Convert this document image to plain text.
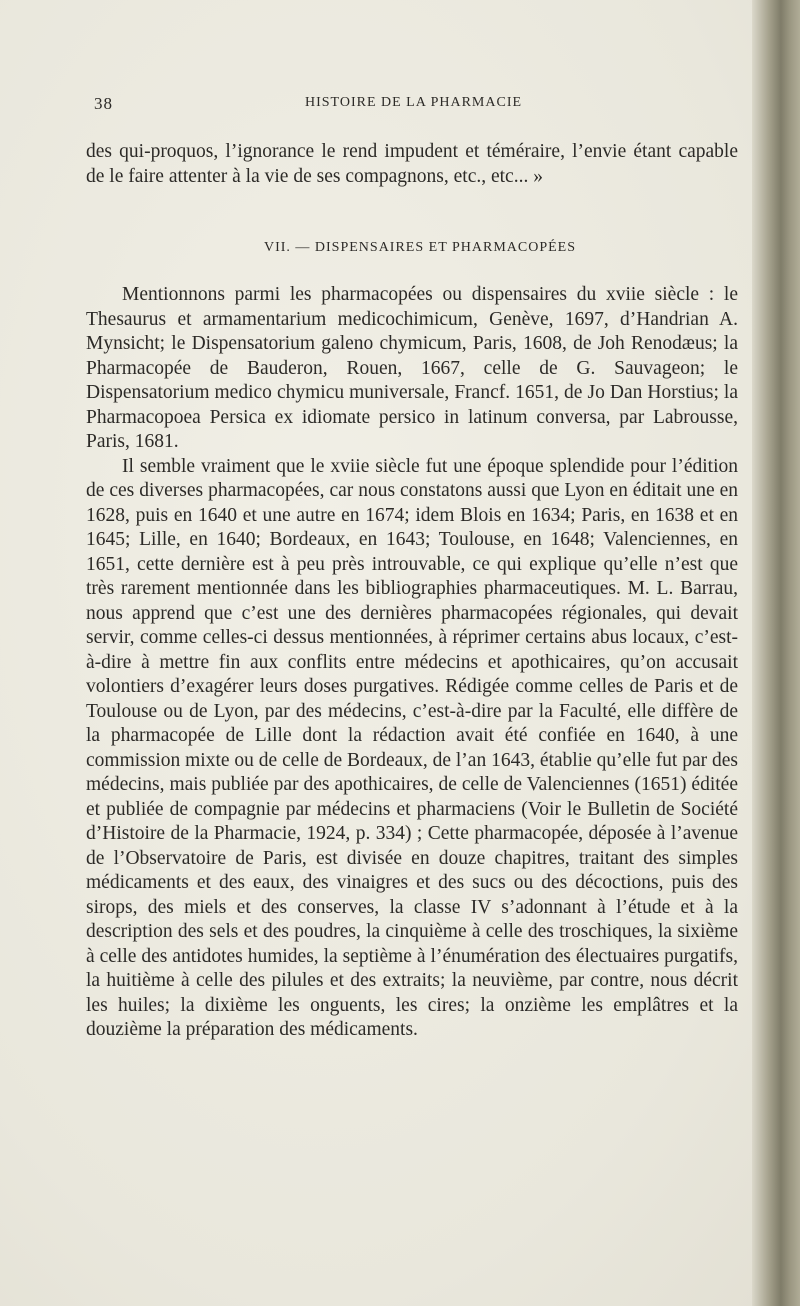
38	HISTOIRE DE LA PHARMACIE

des qui-proquos, l’ignorance le rend impudent et téméraire, l’envie étant capable de le faire attenter à la vie de ses compagnons, etc., etc... »

VII. — DISPENSAIRES ET PHARMACOPÉES

Mentionnons parmi les pharmacopées ou dispensaires du xviie siècle : le Thesaurus et armamentarium medicochimicum, Genève, 1697, d’Handrian A. Mynsicht; le Dispensatorium galeno chymicum, Paris, 1608, de Joh Renodæus; la Pharmacopée de Bauderon, Rouen, 1667, celle de G. Sauvageon; le Dispensatorium medico chymicu muniversale, Francf. 1651, de Jo Dan Horstius; la Pharmacopoea Persica ex idiomate persico in latinum conversa, par Labrousse, Paris, 1681.

Il semble vraiment que le xviie siècle fut une époque splendide pour l’édition de ces diverses pharmacopées, car nous constatons aussi que Lyon en éditait une en 1628, puis en 1640 et une autre en 1674; idem Blois en 1634; Paris, en 1638 et en 1645; Lille, en 1640; Bordeaux, en 1643; Toulouse, en 1648; Valenciennes, en 1651, cette dernière est à peu près introuvable, ce qui explique qu’elle n’est que très rarement mentionnée dans les bibliographies pharmaceutiques. M. L. Barrau, nous apprend que c’est une des dernières pharmacopées régionales, qui devait servir, comme celles-ci dessus mentionnées, à réprimer certains abus locaux, c’est-à-dire à mettre fin aux conflits entre médecins et apothicaires, qu’on accusait volontiers d’exagérer leurs doses purgatives. Rédigée comme celles de Paris et de Toulouse ou de Lyon, par des médecins, c’est-à-dire par la Faculté, elle diffère de la pharmacopée de Lille dont la rédaction avait été confiée en 1640, à une commission mixte ou de celle de Bordeaux, de l’an 1643, établie qu’elle fut par des médecins, mais publiée par des apothicaires, de celle de Valenciennes (1651) éditée et publiée de compagnie par médecins et pharmaciens (Voir le Bulletin de Société d’Histoire de la Pharmacie, 1924, p. 334) ; Cette pharmacopée, déposée à l’avenue de l’Observatoire de Paris, est divisée en douze chapitres, traitant des simples médicaments et des eaux, des vinaigres et des sucs ou des décoctions, puis des sirops, des miels et des conserves, la classe IV s’adonnant à l’étude et à la description des sels et des poudres, la cinquième à celle des troschiques, la sixième à celle des antidotes humides, la septième à l’énumération des électuaires purgatifs, la huitième à celle des pilules et des extraits; la neuvième, par contre, nous décrit les huiles; la dixième les onguents, les cires; la onzième les emplâtres et la douzième la préparation des médicaments.
